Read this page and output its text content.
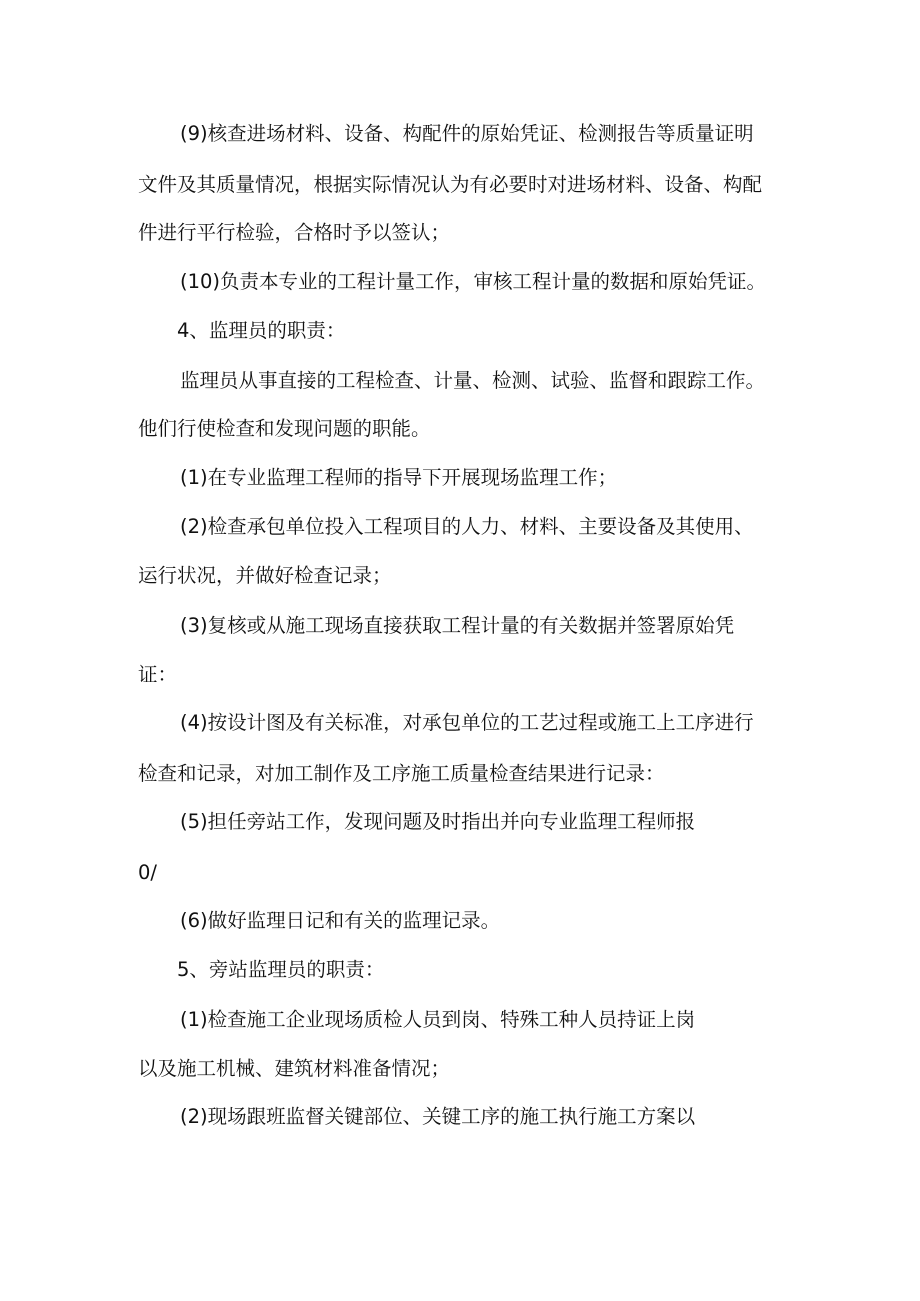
(9)核查进场材料、设备、构配件的原始凭证、检测报告等质量证明
文件及其质量情况，根据实际情况认为有必要时对进场材料、设备、构配
件进行平行检验，合格时予以签认；
(10)负责本专业的工程计量工作，审核工程计量的数据和原始凭证。
4、监理员的职责：
监理员从事直接的工程检查、计量、检测、试验、监督和跟踪工作。
他们行使检查和发现问题的职能。
(1)在专业监理工程师的指导下开展现场监理工作；
(2)检查承包单位投入工程项目的人力、材料、主要设备及其使用、
运行状况，并做好检查记录；
(3)复核或从施工现场直接获取工程计量的有关数据并签署原始凭
证：
(4)按设计图及有关标准，对承包单位的工艺过程或施工上工序进行
检查和记录，对加工制作及工序施工质量检查结果进行记录：
(5)担任旁站工作，发现问题及时指出并向专业监理工程师报
0/
(6)做好监理日记和有关的监理记录。
5、旁站监理员的职责：
(1)检查施工企业现场质检人员到岗、特殊工种人员持证上岗
以及施工机械、建筑材料准备情况；
(2)现场跟班监督关键部位、关键工序的施工执行施工方案以
